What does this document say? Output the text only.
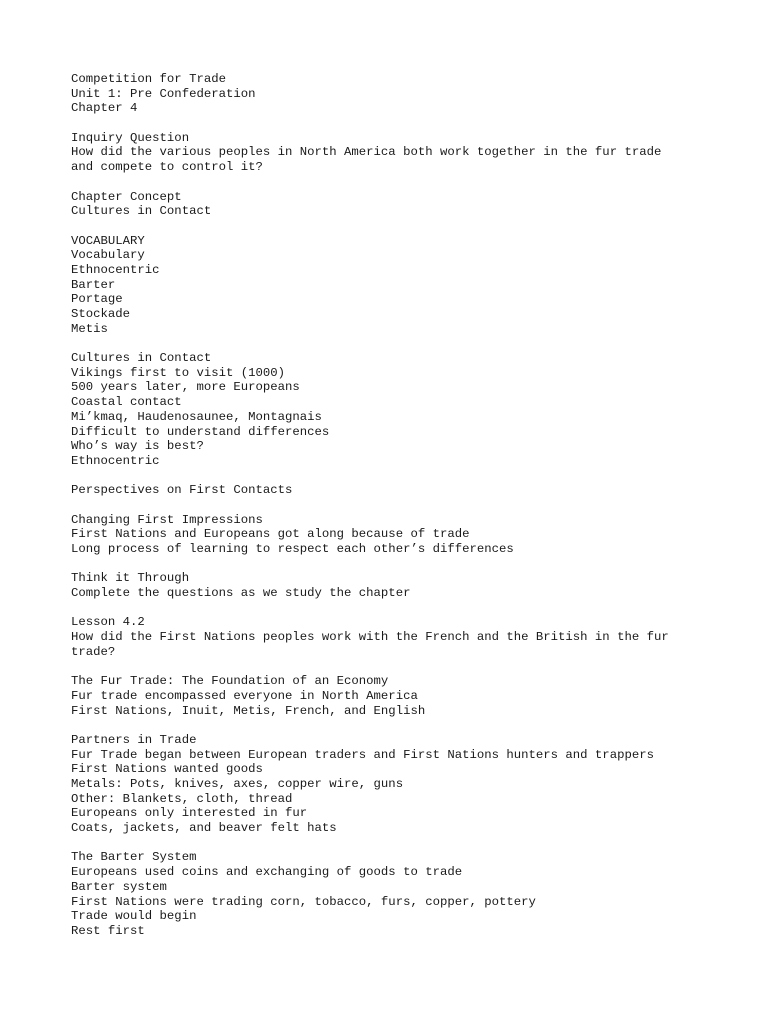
Competition for Trade
Unit 1: Pre Confederation
Chapter 4
Inquiry Question
How did the various peoples in North America both work together in the fur trade
and compete to control it?
Chapter Concept
Cultures in Contact
VOCABULARY
Vocabulary
Ethnocentric
Barter
Portage
Stockade
Metis
Cultures in Contact
Vikings first to visit (1000)
500 years later, more Europeans
Coastal contact
Mi’kmaq, Haudenosaunee, Montagnais
Difficult to understand differences
Who’s way is best?
Ethnocentric
Perspectives on First Contacts
Changing First Impressions
First Nations and Europeans got along because of trade
Long process of learning to respect each other’s differences
Think it Through
Complete the questions as we study the chapter
Lesson 4.2
How did the First Nations peoples work with the French and the British in the fur
trade?
The Fur Trade: The Foundation of an Economy
Fur trade encompassed everyone in North America
First Nations, Inuit, Metis, French, and English
Partners in Trade
Fur Trade began between European traders and First Nations hunters and trappers
First Nations wanted goods
Metals: Pots, knives, axes, copper wire, guns
Other: Blankets, cloth, thread
Europeans only interested in fur
Coats, jackets, and beaver felt hats
The Barter System
Europeans used coins and exchanging of goods to trade
Barter system
First Nations were trading corn, tobacco, furs, copper, pottery
Trade would begin
Rest first
